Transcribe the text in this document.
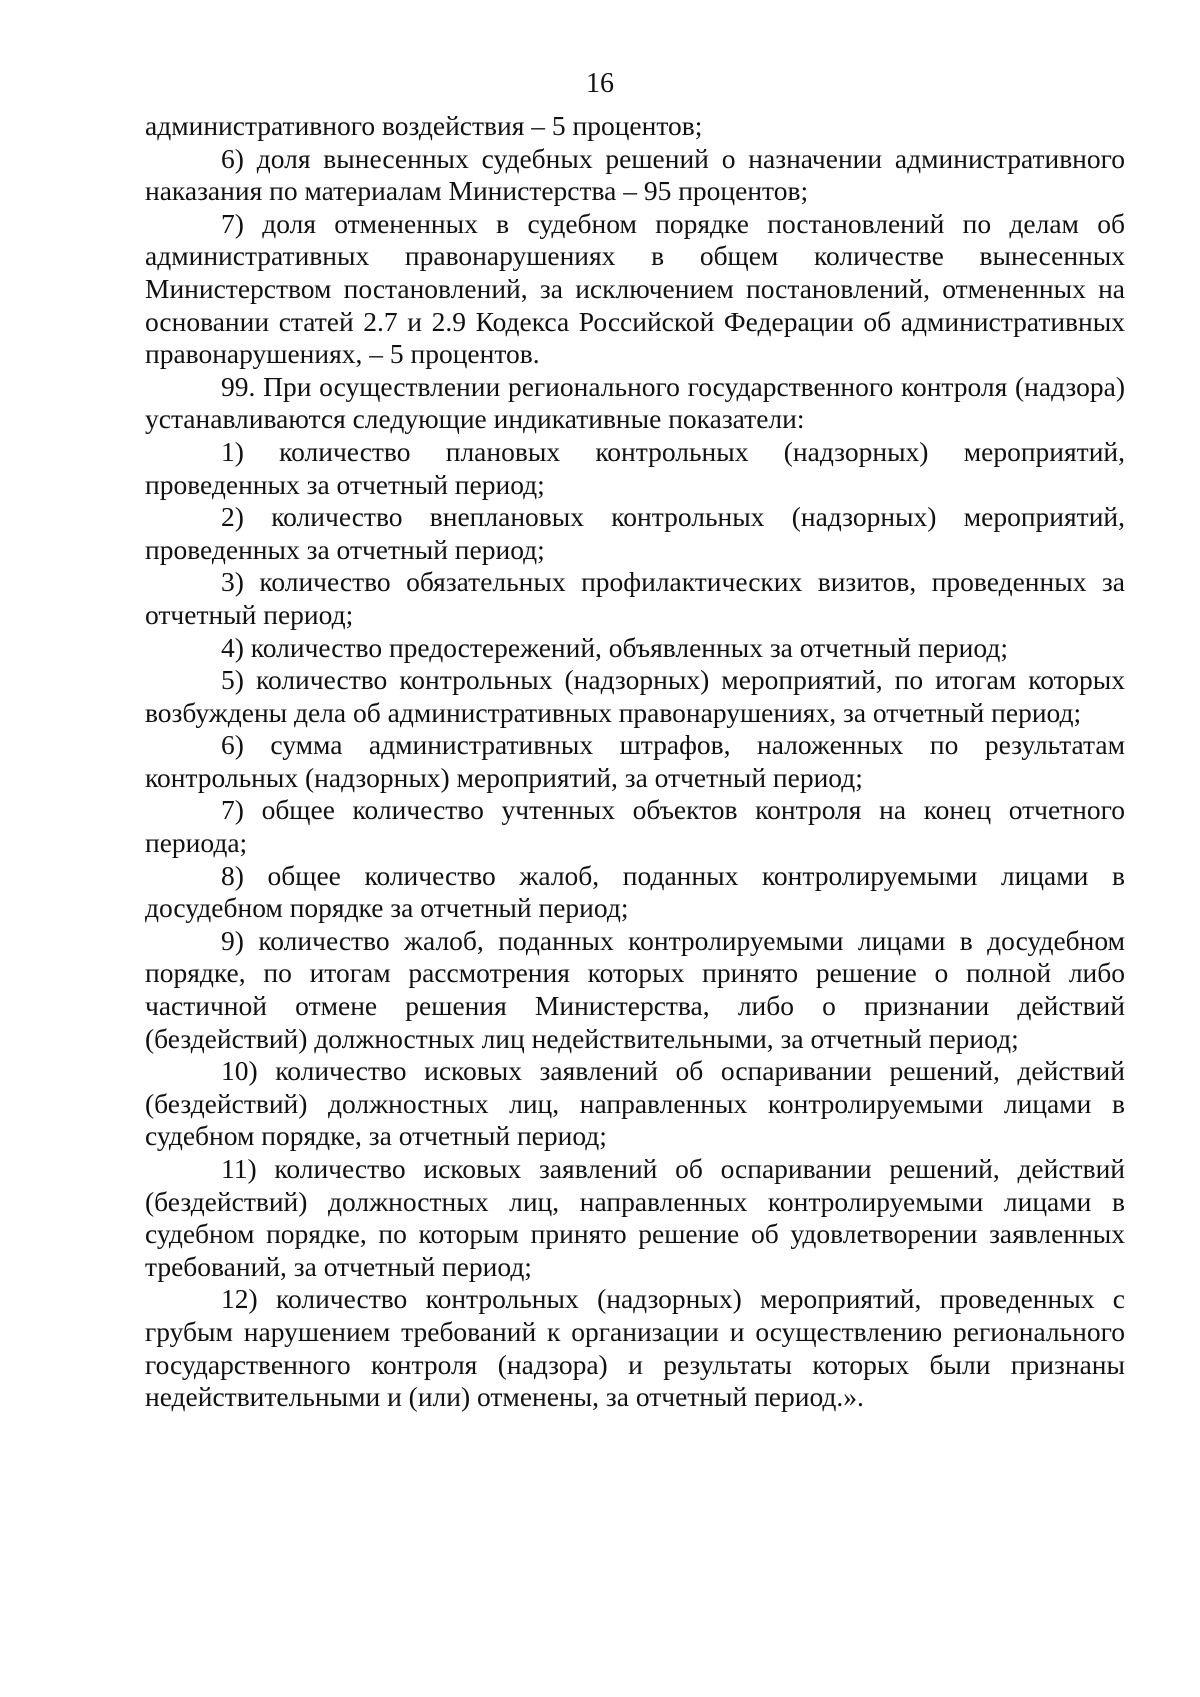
16

административного воздействия – 5 процентов;

6) доля вынесенных судебных решений о назначении административного наказания по материалам Министерства – 95 процентов;

7) доля отмененных в судебном порядке постановлений по делам об административных правонарушениях в общем количестве вынесенных Министерством постановлений, за исключением постановлений, отмененных на основании статей 2.7 и 2.9 Кодекса Российской Федерации об административных правонарушениях, – 5 процентов.

99. При осуществлении регионального государственного контроля (надзора) устанавливаются следующие индикативные показатели:

1) количество плановых контрольных (надзорных) мероприятий, проведенных за отчетный период;

2) количество внеплановых контрольных (надзорных) мероприятий, проведенных за отчетный период;

3) количество обязательных профилактических визитов, проведенных за отчетный период;

4) количество предостережений, объявленных за отчетный период;

5) количество контрольных (надзорных) мероприятий, по итогам которых возбуждены дела об административных правонарушениях, за отчетный период;

6) сумма административных штрафов, наложенных по результатам контрольных (надзорных) мероприятий, за отчетный период;

7) общее количество учтенных объектов контроля на конец отчетного периода;

8) общее количество жалоб, поданных контролируемыми лицами в досудебном порядке за отчетный период;

9) количество жалоб, поданных контролируемыми лицами в досудебном порядке, по итогам рассмотрения которых принято решение о полной либо частичной отмене решения Министерства, либо о признании действий (бездействий) должностных лиц недействительными, за отчетный период;

10) количество исковых заявлений об оспаривании решений, действий (бездействий) должностных лиц, направленных контролируемыми лицами в судебном порядке, за отчетный период;

11) количество исковых заявлений об оспаривании решений, действий (бездействий) должностных лиц, направленных контролируемыми лицами в судебном порядке, по которым принято решение об удовлетворении заявленных требований, за отчетный период;

12) количество контрольных (надзорных) мероприятий, проведенных с грубым нарушением требований к организации и осуществлению регионального государственного контроля (надзора) и результаты которых были признаны недействительными и (или) отменены, за отчетный период.».
